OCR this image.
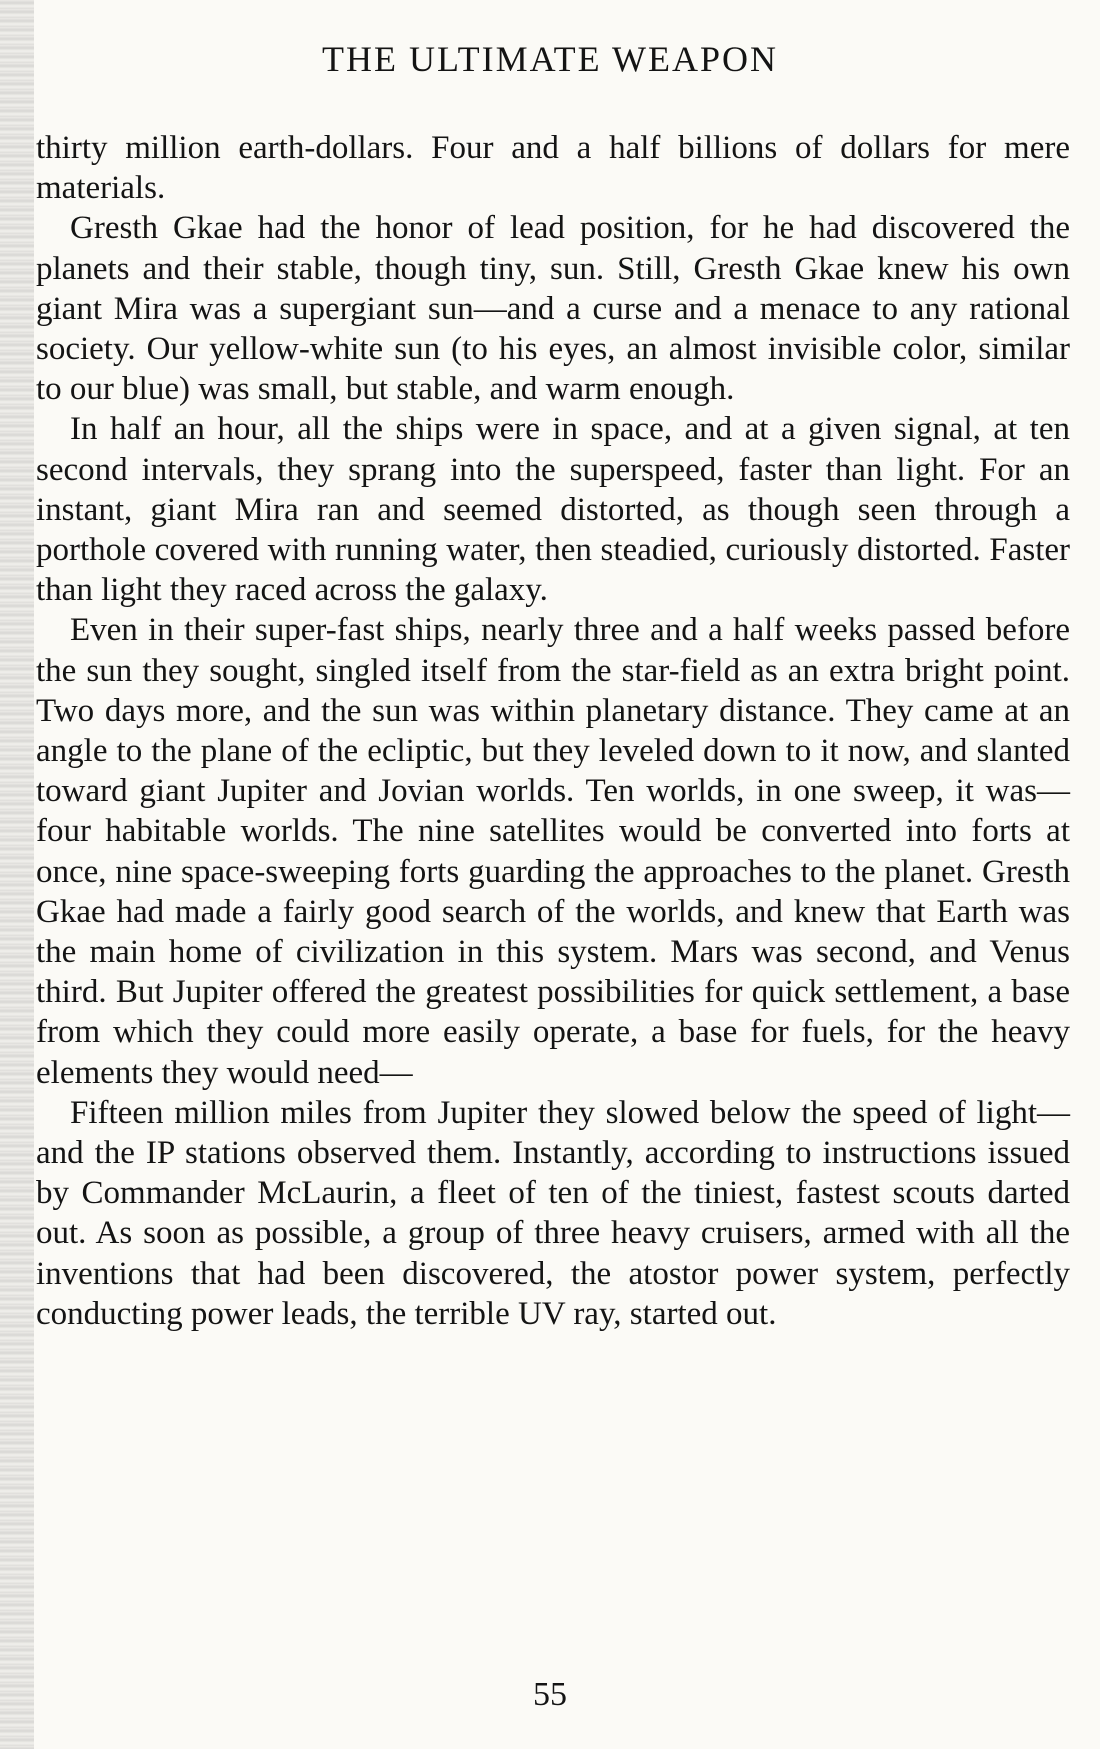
THE ULTIMATE WEAPON

thirty million earth-dollars. Four and a half billions of dollars for mere materials.

Gresth Gkae had the honor of lead position, for he had discovered the planets and their stable, though tiny, sun. Still, Gresth Gkae knew his own giant Mira was a supergiant sun—and a curse and a menace to any rational society. Our yellow-white sun (to his eyes, an almost invisible color, similar to our blue) was small, but stable, and warm enough.

In half an hour, all the ships were in space, and at a given signal, at ten second intervals, they sprang into the superspeed, faster than light. For an instant, giant Mira ran and seemed distorted, as though seen through a porthole covered with running water, then steadied, curiously distorted. Faster than light they raced across the galaxy.

Even in their super-fast ships, nearly three and a half weeks passed before the sun they sought, singled itself from the star-field as an extra bright point. Two days more, and the sun was within planetary distance. They came at an angle to the plane of the ecliptic, but they leveled down to it now, and slanted toward giant Jupiter and Jovian worlds. Ten worlds, in one sweep, it was—four habitable worlds. The nine satellites would be converted into forts at once, nine space-sweeping forts guarding the approaches to the planet. Gresth Gkae had made a fairly good search of the worlds, and knew that Earth was the main home of civilization in this system. Mars was second, and Venus third. But Jupiter offered the greatest possibilities for quick settlement, a base from which they could more easily operate, a base for fuels, for the heavy elements they would need—

Fifteen million miles from Jupiter they slowed below the speed of light—and the IP stations observed them. Instantly, according to instructions issued by Commander McLaurin, a fleet of ten of the tiniest, fastest scouts darted out. As soon as possible, a group of three heavy cruisers, armed with all the inventions that had been discovered, the atostor power system, perfectly conducting power leads, the terrible UV ray, started out.

55
